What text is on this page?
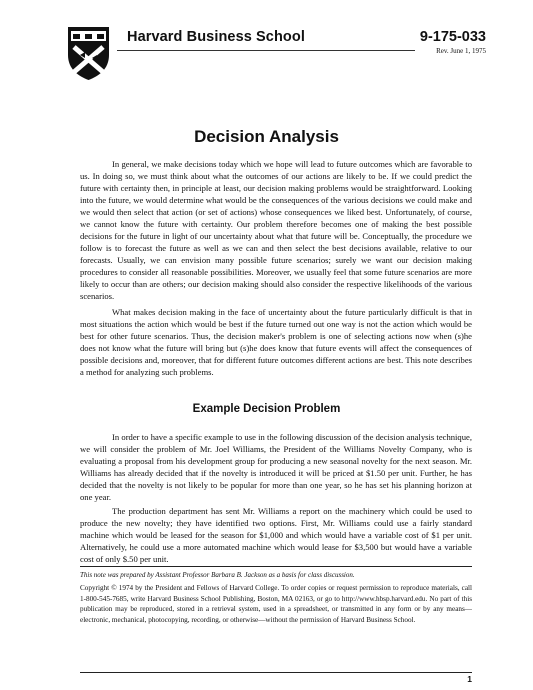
Harvard Business School	9-175-033
Rev. June 1, 1975
Decision Analysis

In general, we make decisions today which we hope will lead to future outcomes which are favorable to us. In doing so, we must think about what the outcomes of our actions are likely to be. If we could predict the future with certainty then, in principle at least, our decision making problems would be straightforward. Looking into the future, we would determine what would be the consequences of the various decisions we could make and we would then select that action (or set of actions) whose consequences we liked best. Unfortunately, of course, we cannot know the future with certainty. Our problem therefore becomes one of making the best possible decisions for the future in light of our uncertainty about what that future will be. Conceptually, the procedure we follow is to forecast the future as well as we can and then select the best decisions available, relative to our forecasts. Usually, we can envision many possible future scenarios; surely we want our decision making procedures to consider all reasonable possibilities. Moreover, we usually feel that some future scenarios are more likely to occur than are others; our decision making should also consider the respective likelihoods of the various scenarios.

What makes decision making in the face of uncertainty about the future particularly difficult is that in most situations the action which would be best if the future turned out one way is not the action which would be best for other future scenarios. Thus, the decision maker's problem is one of selecting actions now when (s)he does not know what the future will bring but (s)he does know that future events will affect the consequences of possible decisions and, moreover, that for different future outcomes different actions are best. This note describes a method for analyzing such problems.

Example Decision Problem

In order to have a specific example to use in the following discussion of the decision analysis technique, we will consider the problem of Mr. Joel Williams, the President of the Williams Novelty Company, who is evaluating a proposal from his development group for producing a new seasonal novelty for the next season. Mr. Williams has already decided that if the novelty is introduced it will be priced at $1.50 per unit. Further, he has decided that the novelty is not likely to be popular for more than one year, so he has set his planning horizon at one year.

The production department has sent Mr. Williams a report on the machinery which could be used to produce the new novelty; they have identified two options. First, Mr. Williams could use a fairly standard machine which would be leased for the season for $1,000 and which would have a variable cost of $1 per unit. Alternatively, he could use a more automated machine which would lease for $3,500 but would have a variable cost of only $.50 per unit.

This note was prepared by Assistant Professor Barbara B. Jackson as a basis for class discussion.
Copyright © 1974 by the President and Fellows of Harvard College. To order copies or request permission to reproduce materials, call 1-800-545-7685, write Harvard Business School Publishing, Boston, MA 02163, or go to http://www.hbsp.harvard.edu. No part of this publication may be reproduced, stored in a retrieval system, used in a spreadsheet, or transmitted in any form or by any means—electronic, mechanical, photocopying, recording, or otherwise—without the permission of Harvard Business School.
1
